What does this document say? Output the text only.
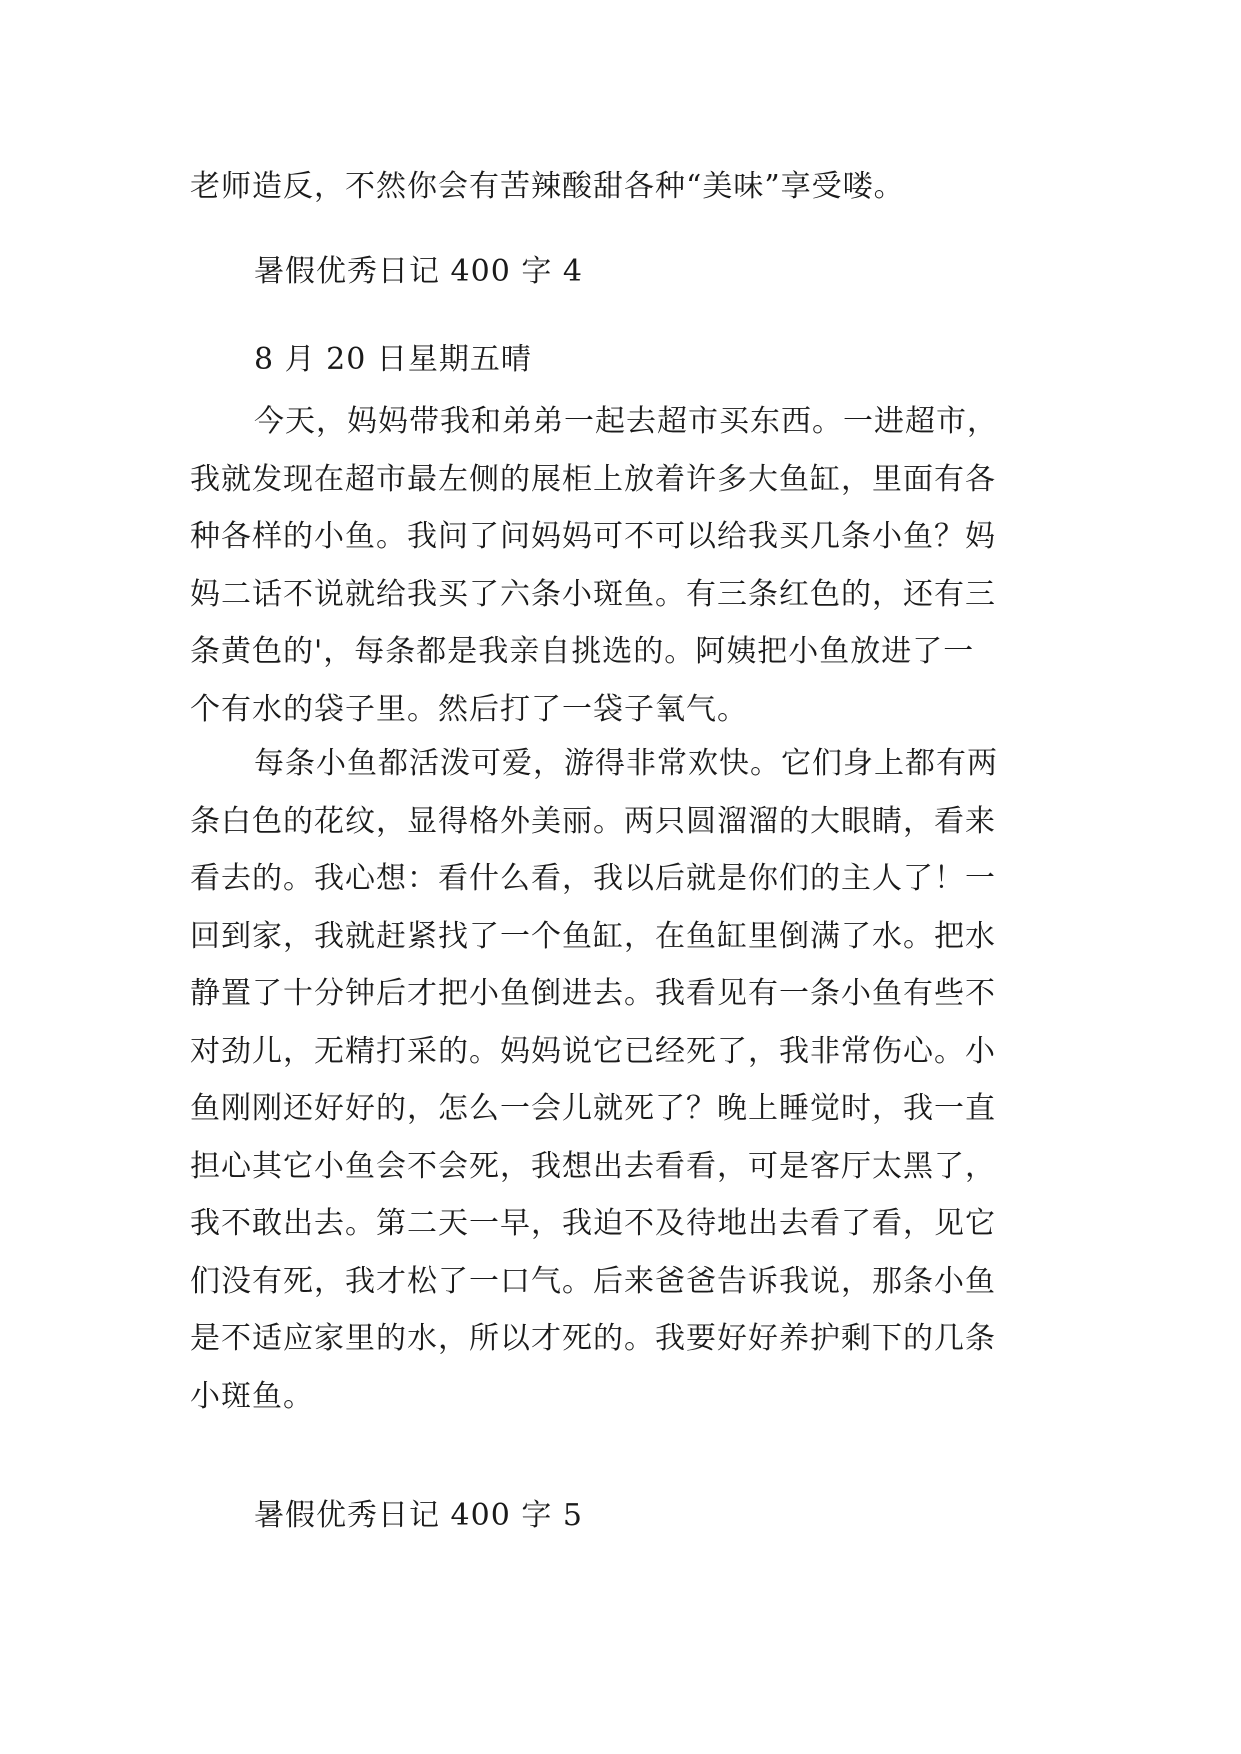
老师造反，不然你会有苦辣酸甜各种“美味”享受喽。
暑假优秀日记 400 字 4
8 月 20 日星期五晴
今天，妈妈带我和弟弟一起去超市买东西。一进超市，
我就发现在超市最左侧的展柜上放着许多大鱼缸，里面有各
种各样的小鱼。我问了问妈妈可不可以给我买几条小鱼？妈
妈二话不说就给我买了六条小斑鱼。有三条红色的，还有三
条黄色的'，每条都是我亲自挑选的。阿姨把小鱼放进了一
个有水的袋子里。然后打了一袋子氧气。
每条小鱼都活泼可爱，游得非常欢快。它们身上都有两
条白色的花纹，显得格外美丽。两只圆溜溜的大眼睛，看来
看去的。我心想：看什么看，我以后就是你们的主人了！一
回到家，我就赶紧找了一个鱼缸，在鱼缸里倒满了水。把水
静置了十分钟后才把小鱼倒进去。我看见有一条小鱼有些不
对劲儿，无精打采的。妈妈说它已经死了，我非常伤心。小
鱼刚刚还好好的，怎么一会儿就死了？晚上睡觉时，我一直
担心其它小鱼会不会死，我想出去看看，可是客厅太黑了，
我不敢出去。第二天一早，我迫不及待地出去看了看，见它
们没有死，我才松了一口气。后来爸爸告诉我说，那条小鱼
是不适应家里的水，所以才死的。我要好好养护剩下的几条
小斑鱼。
暑假优秀日记 400 字 5
